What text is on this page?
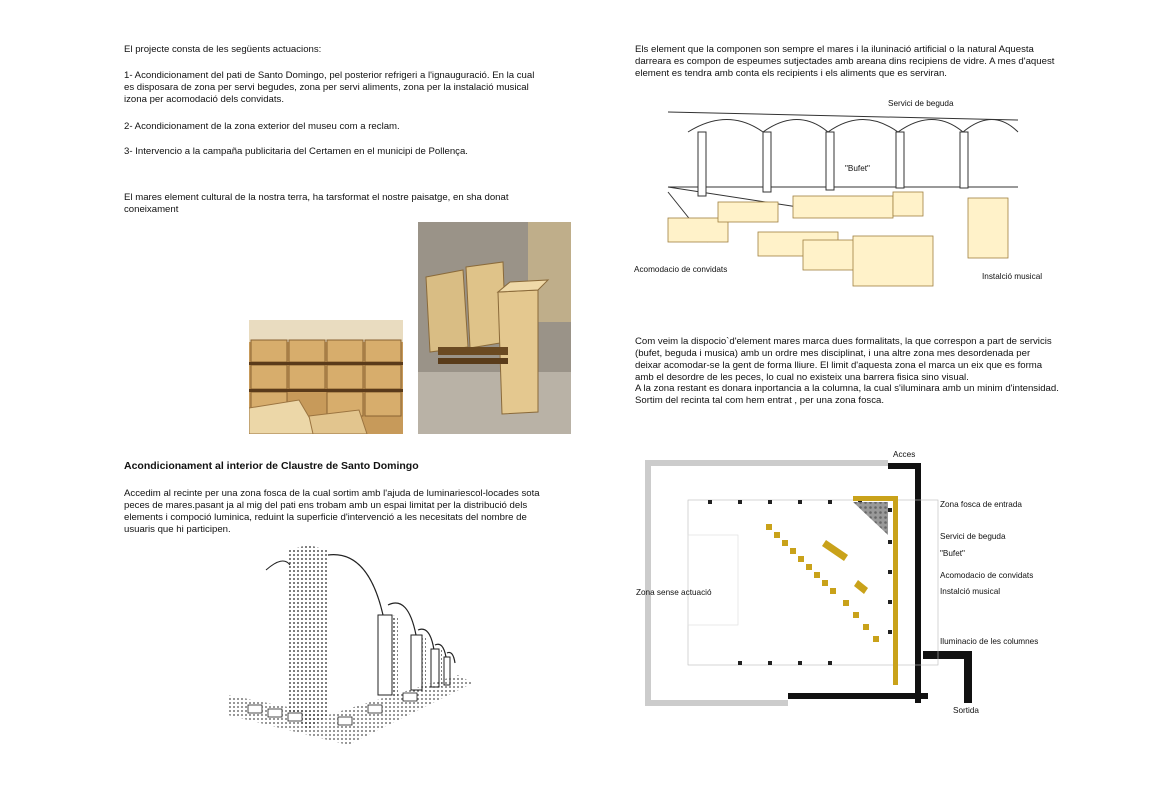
El projecte consta de les següents actuacions:
1- Acondicionament del pati de Santo Domingo, pel posterior refrigeri a l'ignauguració. En la cual
es disposara de zona per servi begudes, zona per servi aliments, zona per la instalació musical
izona per acomodació dels convidats.
2- Acondicionament de la zona exterior del museu com a reclam.
3- Intervencio a la campaña publicitaria del Certamen en el municipi de Pollença.
El mares element cultural de la nostra terra, ha tarsformat el nostre paisatge, en sha donat
coneixament
Acondicionament al interior de Claustre de Santo Domingo
Accedim al recinte per una zona fosca de la cual sortim amb l'ajuda de luminariescol-locades sota
peces de mares.pasant ja al mig del pati ens trobam amb un espai limitat per la distribució dels
elements i compoció luminica, reduint la superficie d'intervenció a les necesitats del nombre de
usuaris que hi participen.
Els element que la componen son sempre el mares i la iluninació artificial o la natural Aquesta
darreara es compon de espeumes sutjectades amb areana dins recipiens de vidre. A mes d'aquest
element es tendra amb conta els recipients i els aliments que es serviran.
Servici de beguda
"Bufet"
Acomodacio de convidats
Instalció musical
Com veim la dispocio`d'element mares marca dues formalitats, la que correspon a part de servicis
(bufet, beguda i musica) amb un ordre mes disciplinat, i una altre zona mes desordenada per
deixar acomodar-se la gent de forma lliure. El limit d'aquesta zona el marca un eix que es forma
amb el desordre de les peces, lo cual no existeix una barrera fisica sino visual.
A la zona restant es donara inportancia a la columna, la cual s'iluminara amb un minim d'intensidad.
Sortim del recinta tal com hem entrat , per una zona fosca.
Acces
Zona fosca de entrada
Servici de beguda
"Bufet"
Acomodacio de convidats
Instalció musical
Zona sense actuació
Iluminacio de les columnes
Sortida
